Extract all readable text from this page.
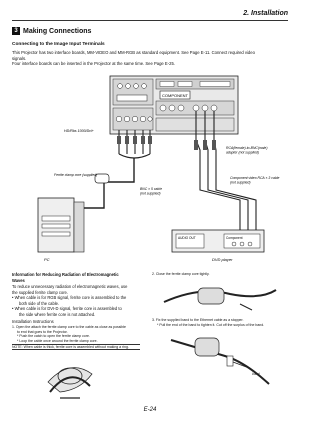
2. Installation
3 Making Connections
Connecting to the Image Input Terminals
This Projector has two interface boards, MM-VIDEO and MM-RGB as standard equipment. See Page E-11. Connect required video
signals.
Four interface boards can be inserted in the Projector at the same time. See Page E-25.
COMPONENT
HD/Rbs 1000/Dvi+
Ferrite clamp core (supplied)
BNC × 5 cable
(not supplied)
RCA(female)-to-BNC(male)
adapter (not supplied)
Component video RCA × 3 cable
(not supplied)
PC
AUDIO OUT	Component
DVD player
Information for Reducing Radiation of Electromagnetic
Waves
To reduce unnecessary radiation of electromagnetic waves, use
the supplied ferrite clamp core.
• When cable is for RGB signal, ferrite core is assembled to the
both side of the cable.
• When cable is for DVI-D signal, ferrite core is assembled to
the side where ferrite core is not attached.
Installation Instructions
1. Open the attach the ferrite clamp core to the cable as close as possible
to end that goes to the Projector.
* Push the catch to open the ferrite clamp core.
* Loop the cable once around the ferrite clamp core.
NOTE: When cable is thick, ferrite core is assembled without making a ring.
2. Close the ferrite clamp core tightly.
3. Fix the supplied band to the Ethernet cable as a stopper.
* Pull the end of the band to tighten it. Cut off the surplus of the band.
band
E-24
